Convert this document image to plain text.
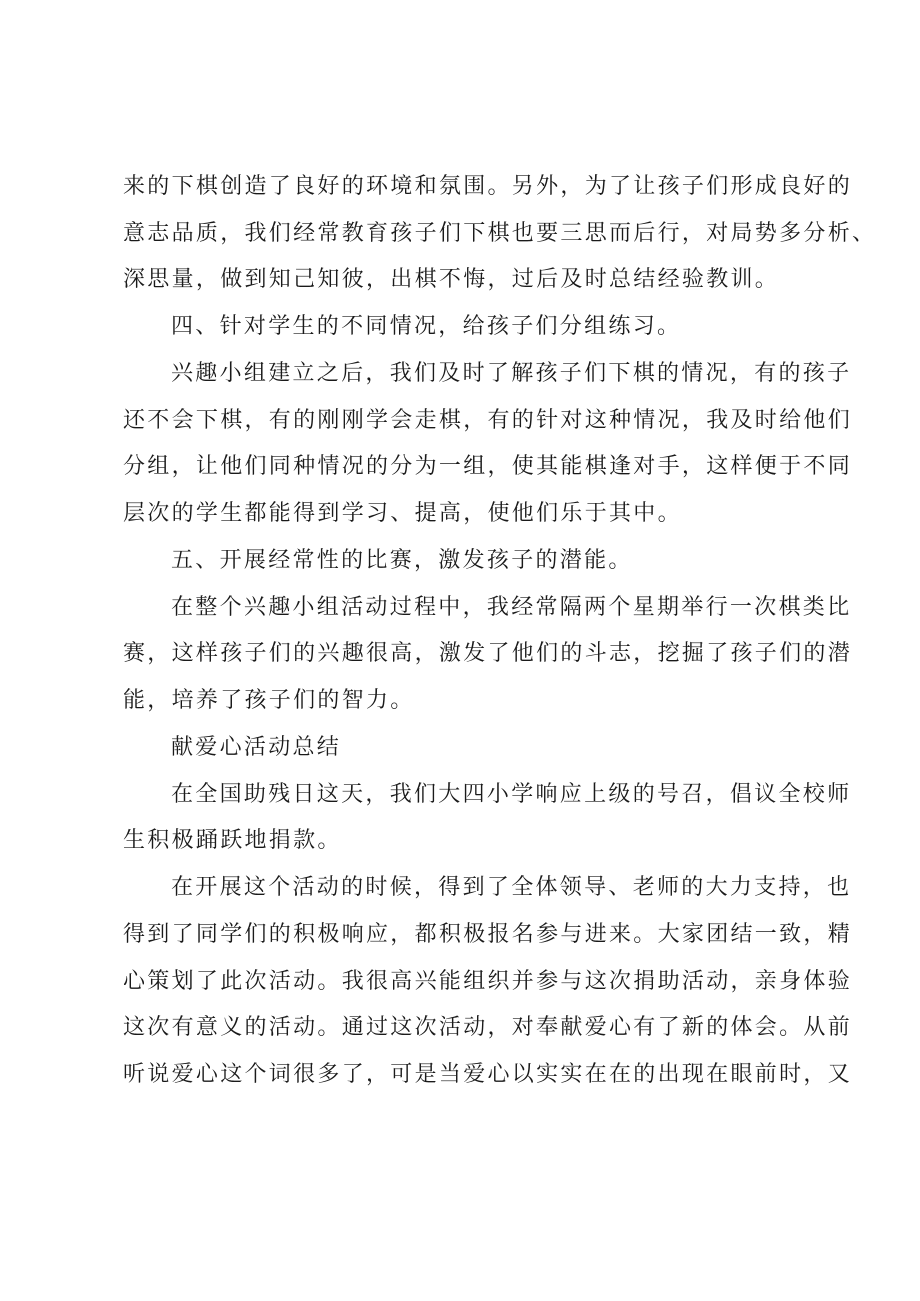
来的下棋创造了良好的环境和氛围。另外，为了让孩子们形成良好的
意志品质，我们经常教育孩子们下棋也要三思而后行，对局势多分析、
深思量，做到知己知彼，出棋不悔，过后及时总结经验教训。
四、针对学生的不同情况，给孩子们分组练习。
兴趣小组建立之后，我们及时了解孩子们下棋的情况，有的孩子
还不会下棋，有的刚刚学会走棋，有的针对这种情况，我及时给他们
分组，让他们同种情况的分为一组，使其能棋逢对手，这样便于不同
层次的学生都能得到学习、提高，使他们乐于其中。
五、开展经常性的比赛，激发孩子的潜能。
在整个兴趣小组活动过程中，我经常隔两个星期举行一次棋类比
赛，这样孩子们的兴趣很高，激发了他们的斗志，挖掘了孩子们的潜
能，培养了孩子们的智力。
献爱心活动总结
在全国助残日这天，我们大四小学响应上级的号召，倡议全校师
生积极踊跃地捐款。
在开展这个活动的时候，得到了全体领导、老师的大力支持，也
得到了同学们的积极响应，都积极报名参与进来。大家团结一致，精
心策划了此次活动。我很高兴能组织并参与这次捐助活动，亲身体验
这次有意义的活动。通过这次活动，对奉献爱心有了新的体会。从前
听说爱心这个词很多了，可是当爱心以实实在在的出现在眼前时，又
